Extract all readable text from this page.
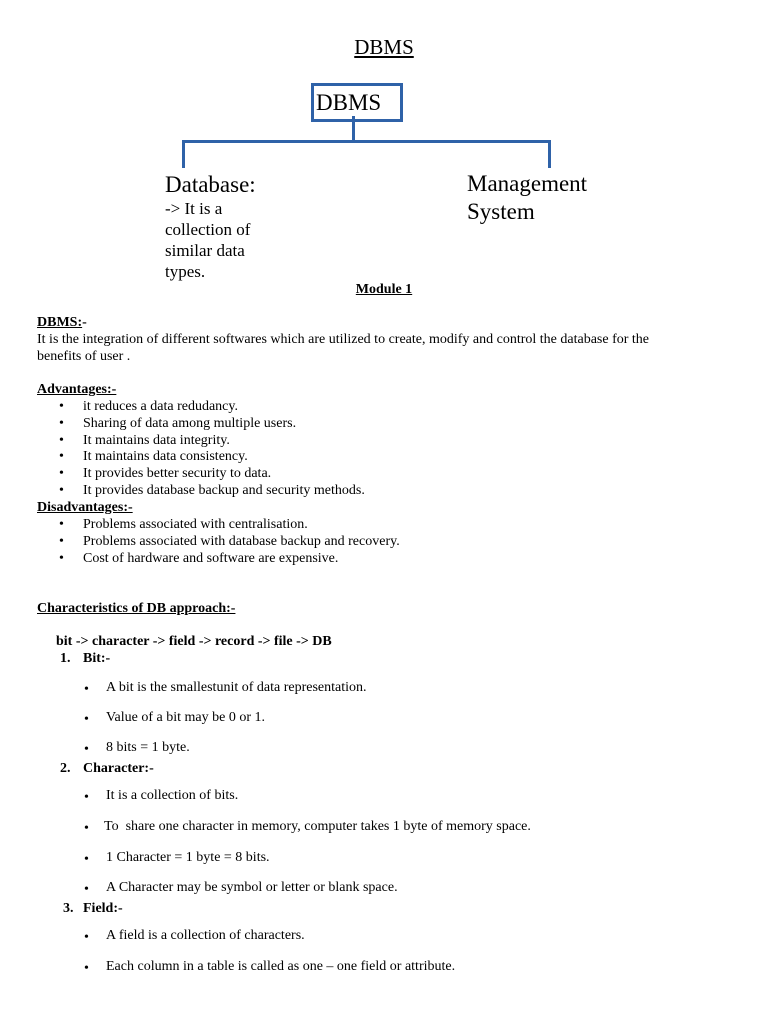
DBMS
DBMS
Database:
-> It is a collection of similar data types.
Management System
Module 1
DBMS:-
It is the integration of different softwares which are utilized to create, modify and control the database for the
benefits of user .
Advantages:-
• it reduces a data redudancy.
• Sharing of data among multiple users.
• It maintains data integrity.
• It maintains data consistency.
• It provides better security to data.
• It provides database backup and security methods.
Disadvantages:-
• Problems associated with centralisation.
• Problems associated with database backup and recovery.
• Cost of hardware and software are expensive.
Characteristics of DB approach:-
bit -> character -> field -> record -> file -> DB
1. Bit:-
• A bit is the smallestunit of data representation.
• Value of a bit may be 0 or 1.
• 8 bits = 1 byte.
2. Character:-
• It is a collection of bits.
• To  share one character in memory, computer takes 1 byte of memory space.
• 1 Character = 1 byte = 8 bits.
• A Character may be symbol or letter or blank space.
3. Field:-
• A field is a collection of characters.
• Each column in a table is called as one – one field or attribute.
